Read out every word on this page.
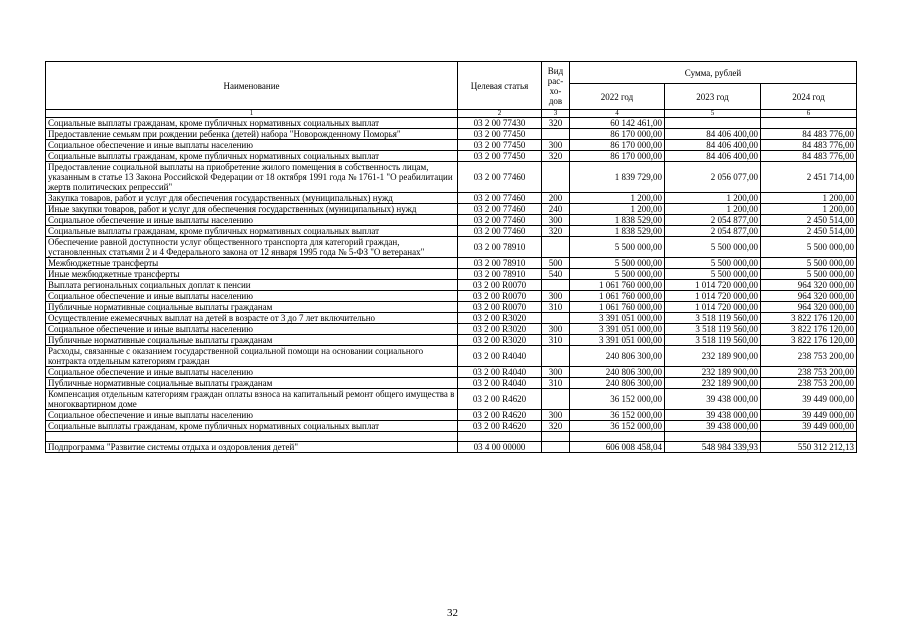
Наименование	Целевая статья	Вид рас- хо- дов	Сумма, рублей		
			2022 год	2023 год	2024 год
1	2	3	4	5	6
Социальные выплаты гражданам, кроме публичных нормативных социальных выплат	03 2 00 77430	320	60 142 461,00		
Предоставление семьям при рождении ребенка (детей) набора "Новорожденному Поморья"	03 2 00 77450		86 170 000,00	84 406 400,00	84 483 776,00
Социальное обеспечение и иные выплаты населению	03 2 00 77450	300	86 170 000,00	84 406 400,00	84 483 776,00
Социальные выплаты гражданам, кроме публичных нормативных социальных выплат	03 2 00 77450	320	86 170 000,00	84 406 400,00	84 483 776,00
Предоставление социальной выплаты на приобретение жилого помещения в собственность лицам, указанным в статье 13 Закона Российской Федерации от 18 октября 1991 года № 1761-1 "О реабилитации жертв политических репрессий"	03 2 00 77460		1 839 729,00	2 056 077,00	2 451 714,00
Закупка товаров, работ и услуг для обеспечения государственных (муниципальных) нужд	03 2 00 77460	200	1 200,00	1 200,00	1 200,00
Иные закупки товаров, работ и услуг для обеспечения государственных (муниципальных) нужд	03 2 00 77460	240	1 200,00	1 200,00	1 200,00
Социальное обеспечение и иные выплаты населению	03 2 00 77460	300	1 838 529,00	2 054 877,00	2 450 514,00
Социальные выплаты гражданам, кроме публичных нормативных социальных выплат	03 2 00 77460	320	1 838 529,00	2 054 877,00	2 450 514,00
Обеспечение равной доступности услуг общественного транспорта для категорий граждан, установленных статьями 2 и 4 Федерального закона от 12 января 1995 года № 5-ФЗ "О ветеранах"	03 2 00 78910		5 500 000,00	5 500 000,00	5 500 000,00
Межбюджетные трансферты	03 2 00 78910	500	5 500 000,00	5 500 000,00	5 500 000,00
Иные межбюджетные трансферты	03 2 00 78910	540	5 500 000,00	5 500 000,00	5 500 000,00
Выплата региональных социальных доплат к пенсии	03 2 00 R0070		1 061 760 000,00	1 014 720 000,00	964 320 000,00
Социальное обеспечение и иные выплаты населению	03 2 00 R0070	300	1 061 760 000,00	1 014 720 000,00	964 320 000,00
Публичные нормативные социальные выплаты гражданам	03 2 00 R0070	310	1 061 760 000,00	1 014 720 000,00	964 320 000,00
Осуществление ежемесячных выплат на детей в возрасте от 3 до 7 лет включительно	03 2 00 R3020		3 391 051 000,00	3 518 119 560,00	3 822 176 120,00
Социальное обеспечение и иные выплаты населению	03 2 00 R3020	300	3 391 051 000,00	3 518 119 560,00	3 822 176 120,00
Публичные нормативные социальные выплаты гражданам	03 2 00 R3020	310	3 391 051 000,00	3 518 119 560,00	3 822 176 120,00
Расходы, связанные с оказанием государственной социальной помощи на основании социального контракта отдельным категориям граждан	03 2 00 R4040		240 806 300,00	232 189 900,00	238 753 200,00
Социальное обеспечение и иные выплаты населению	03 2 00 R4040	300	240 806 300,00	232 189 900,00	238 753 200,00
Публичные нормативные социальные выплаты гражданам	03 2 00 R4040	310	240 806 300,00	232 189 900,00	238 753 200,00
Компенсация отдельным категориям граждан оплаты взноса на капитальный ремонт общего имущества в многоквартирном доме	03 2 00 R4620		36 152 000,00	39 438 000,00	39 449 000,00
Социальное обеспечение и иные выплаты населению	03 2 00 R4620	300	36 152 000,00	39 438 000,00	39 449 000,00
Социальные выплаты гражданам, кроме публичных нормативных социальных выплат	03 2 00 R4620	320	36 152 000,00	39 438 000,00	39 449 000,00

Подпрограмма "Развитие системы отдыха и оздоровления детей"	03 4 00 00000		606 008 458,04	548 984 339,93	550 312 212,13
32
